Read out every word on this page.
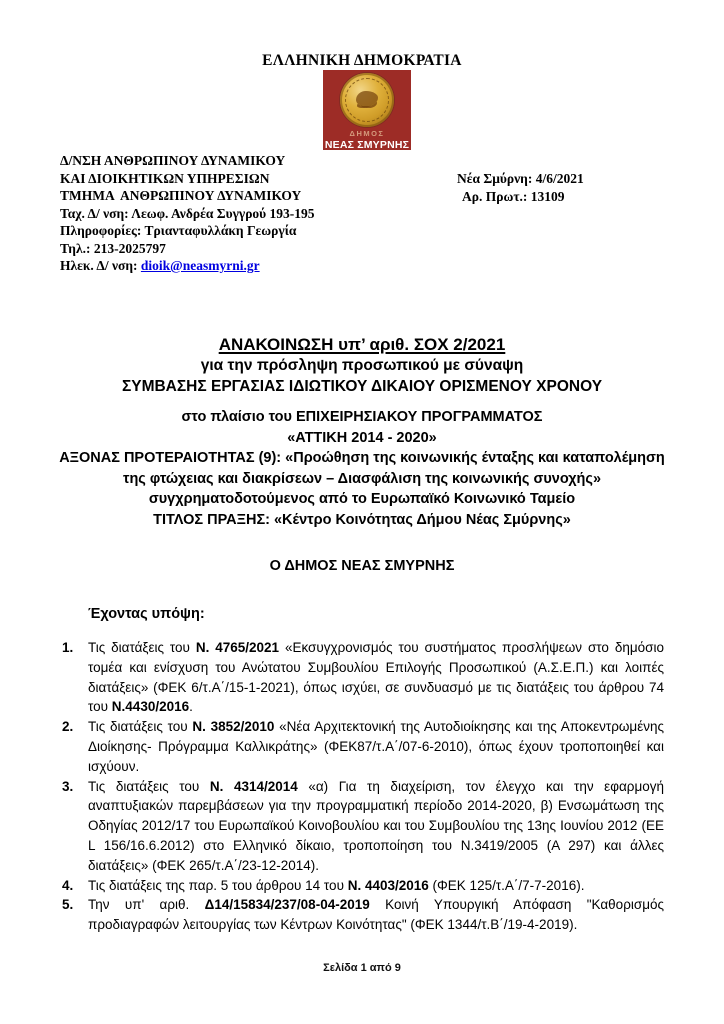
ΕΛΛΗΝΙΚΗ ΔΗΜΟΚΡΑΤΙΑ
ΔΗΜΟΣ
ΝΕΑΣ ΣΜΥΡΝΗΣ
Δ/ΝΣΗ ΑΝΘΡΩΠΙΝΟΥ ΔΥΝΑΜΙΚΟΥ
ΚΑΙ ΔΙΟΙΚΗΤΙΚΩΝ ΥΠΗΡΕΣΙΩΝ
ΤΜΗΜΑ  ΑΝΘΡΩΠΙΝΟΥ ΔΥΝΑΜΙΚΟΥ
Ταχ. Δ/ νση: Λεωφ. Ανδρέα Συγγρού 193-195
Πληροφορίες: Τριανταφυλλάκη Γεωργία
Τηλ.: 213-2025797
Ηλεκ. Δ/ νση: dioik@neasmyrni.gr
Νέα Σμύρνη: 4/6/2021
Αρ. Πρωτ.: 13109
ΑΝΑΚΟΙΝΩΣΗ υπ’ αριθ. ΣΟΧ 2/2021
για την πρόσληψη προσωπικού με σύναψη
ΣΥΜΒΑΣΗΣ ΕΡΓΑΣΙΑΣ ΙΔΙΩΤΙΚΟΥ ΔΙΚΑΙΟΥ ΟΡΙΣΜΕΝΟΥ ΧΡΟΝΟΥ
στο πλαίσιο του ΕΠΙΧΕΙΡΗΣΙΑΚΟΥ ΠΡΟΓΡΑΜΜΑΤΟΣ
«ΑΤΤΙΚΗ 2014 - 2020»
ΑΞΟΝΑΣ ΠΡΟΤΕΡΑΙΟΤΗΤΑΣ (9): «Προώθηση της κοινωνικής ένταξης και καταπολέμηση
της φτώχειας και διακρίσεων – Διασφάλιση της κοινωνικής συνοχής»
συγχρηματοδοτούμενος από το Ευρωπαϊκό Κοινωνικό Ταμείο
ΤΙΤΛΟΣ ΠΡΑΞΗΣ: «Κέντρο Κοινότητας Δήμου Νέας Σμύρνης»
Ο ΔΗΜΟΣ ΝΕΑΣ ΣΜΥΡΝΗΣ
Έχοντας υπόψη:
1.	Τις διατάξεις του Ν. 4765/2021 «Εκσυγχρονισμός του συστήματος προσλήψεων στο δημόσιο τομέα και ενίσχυση του Ανώτατου Συμβουλίου Επιλογής Προσωπικού (Α.Σ.Ε.Π.) και λοιπές διατάξεις» (ΦΕΚ 6/τ.Α΄/15-1-2021), όπως ισχύει, σε συνδυασμό με τις διατάξεις του άρθρου 74 του Ν.4430/2016.
2.	Τις διατάξεις του Ν. 3852/2010 «Νέα Αρχιτεκτονική της Αυτοδιοίκησης και της Αποκεντρωμένης Διοίκησης- Πρόγραμμα Καλλικράτης» (ΦΕΚ87/τ.Α΄/07-6-2010), όπως έχουν τροποποιηθεί και ισχύουν.
3.	Τις διατάξεις του Ν. 4314/2014 «α) Για τη διαχείριση, τον έλεγχο και την εφαρμογή αναπτυξιακών παρεμβάσεων για την προγραμματική περίοδο 2014-2020, β) Ενσωμάτωση της Οδηγίας 2012/17 του Ευρωπαϊκού Κοινοβουλίου και του Συμβουλίου της 13ης Ιουνίου 2012 (ΕΕ L 156/16.6.2012) στο Ελληνικό δίκαιο, τροποποίηση του Ν.3419/2005 (Α 297) και άλλες διατάξεις» (ΦΕΚ 265/τ.Α΄/23-12-2014).
4.	Τις διατάξεις της παρ. 5 του άρθρου 14 του Ν. 4403/2016 (ΦΕΚ 125/τ.Α΄/7-7-2016).
5.	Την υπ' αριθ. Δ14/15834/237/08-04-2019 Κοινή Υπουργική Απόφαση "Καθορισμός προδιαγραφών λειτουργίας των Κέντρων Κοινότητας" (ΦΕΚ 1344/τ.Β΄/19-4-2019).
Σελίδα 1 από 9
